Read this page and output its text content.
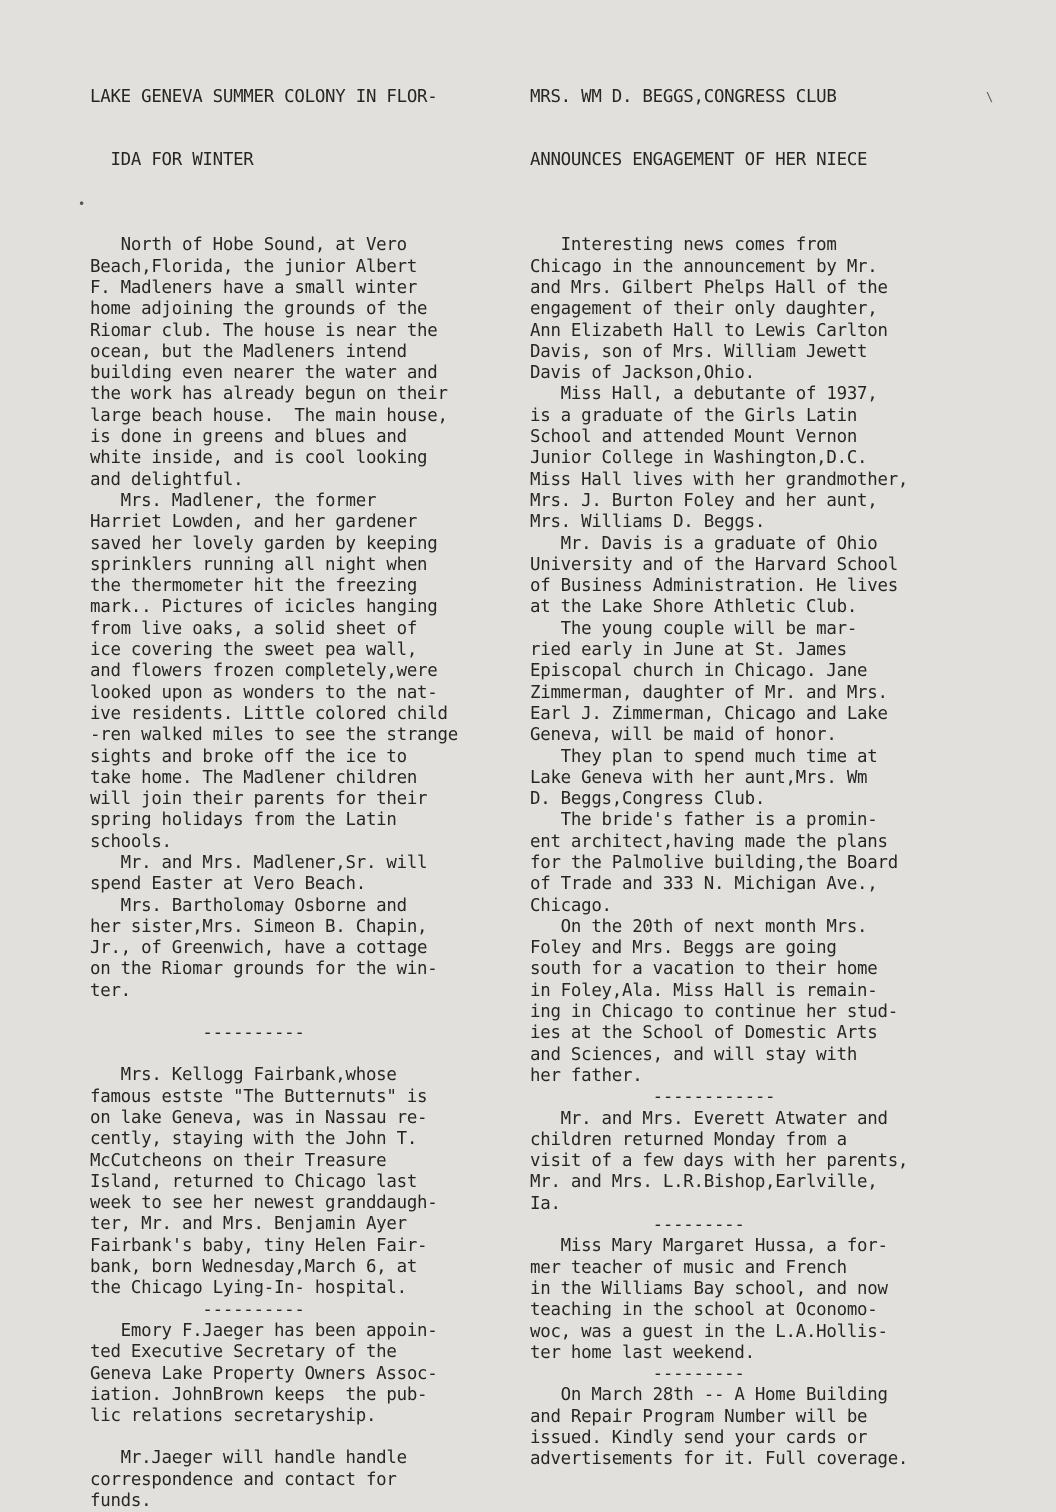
LAKE GENEVA SUMMER COLONY IN FLOR-

IDA FOR WINTER

North of Hobe Sound, at Vero
Beach,Florida, the junior Albert
F. Madleners have a small winter
home adjoining the grounds of the
Riomar club. The house is near the
ocean, but the Madleners intend
building even nearer the water and
the work has already begun on their
large beach house.  The main house,
is done in greens and blues and
white inside, and is cool looking
and delightful.
Mrs. Madlener, the former
Harriet Lowden, and her gardener
saved her lovely garden by keeping
sprinklers running all night when
the thermometer hit the freezing
mark.. Pictures of icicles hanging
from live oaks, a solid sheet of
ice covering the sweet pea wall,
and flowers frozen completely,were
looked upon as wonders to the nat-
ive residents. Little colored child
-ren walked miles to see the strange
sights and broke off the ice to
take home. The Madlener children
will join their parents for their
spring holidays from the Latin
schools.
Mr. and Mrs. Madlener,Sr. will
spend Easter at Vero Beach.
Mrs. Bartholomay Osborne and
her sister,Mrs. Simeon B. Chapin,
Jr., of Greenwich, have a cottage
on the Riomar grounds for the win-
ter.
----------
Mrs. Kellogg Fairbank,whose
famous estste "The Butternuts" is
on lake Geneva, was in Nassau re-
cently, staying with the John T.
McCutcheons on their Treasure
Island, returned to Chicago last
week to see her newest granddaugh-
ter, Mr. and Mrs. Benjamin Ayer
Fairbank's baby, tiny Helen Fair-
bank, born Wednesday,March 6, at
the Chicago Lying-In- hospital.
----------
Emory F.Jaeger has been appoin-
ted Executive Secretary of the
Geneva Lake Property Owners Assoc-
iation. JohnBrown keeps  the pub-
lic relations secretaryship.
Mr.Jaeger will handle handle
correspondence and contact for
funds.

MRS. WM D. BEGGS,CONGRESS CLUB

ANNOUNCES ENGAGEMENT OF HER NIECE

Interesting news comes from
Chicago in the announcement by Mr.
and Mrs. Gilbert Phelps Hall of the
engagement of their only daughter,
Ann Elizabeth Hall to Lewis Carlton
Davis, son of Mrs. William Jewett
Davis of Jackson,Ohio.
Miss Hall, a debutante of 1937,
is a graduate of the Girls Latin
School and attended Mount Vernon
Junior College in Washington,D.C.
Miss Hall lives with her grandmother,
Mrs. J. Burton Foley and her aunt,
Mrs. Williams D. Beggs.
Mr. Davis is a graduate of Ohio
University and of the Harvard School
of Business Administration. He lives
at the Lake Shore Athletic Club.
The young couple will be mar-
ried early in June at St. James
Episcopal church in Chicago. Jane
Zimmerman, daughter of Mr. and Mrs.
Earl J. Zimmerman, Chicago and Lake
Geneva, will be maid of honor.
They plan to spend much time at
Lake Geneva with her aunt,Mrs. Wm
D. Beggs,Congress Club.
The bride's father is a promin-
ent architect,having made the plans
for the Palmolive building,the Board
of Trade and 333 N. Michigan Ave.,
Chicago.
On the 20th of next month Mrs.
Foley and Mrs. Beggs are going
south for a vacation to their home
in Foley,Ala. Miss Hall is remain-
ing in Chicago to continue her stud-
ies at the School of Domestic Arts
and Sciences, and will stay with
her father.
------------
Mr. and Mrs. Everett Atwater and
children returned Monday from a
visit of a few days with her parents,
Mr. and Mrs. L.R.Bishop,Earlville,
Ia.
---------
Miss Mary Margaret Hussa, a for-
mer teacher of music and French
in the Williams Bay school, and now
teaching in the school at Oconomo-
woc, was a guest in the L.A.Hollis-
ter home last weekend.
---------
On March 28th -- A Home Building
and Repair Program Number will be
issued. Kindly send your cards or
advertisements for it. Full coverage.
•
\
